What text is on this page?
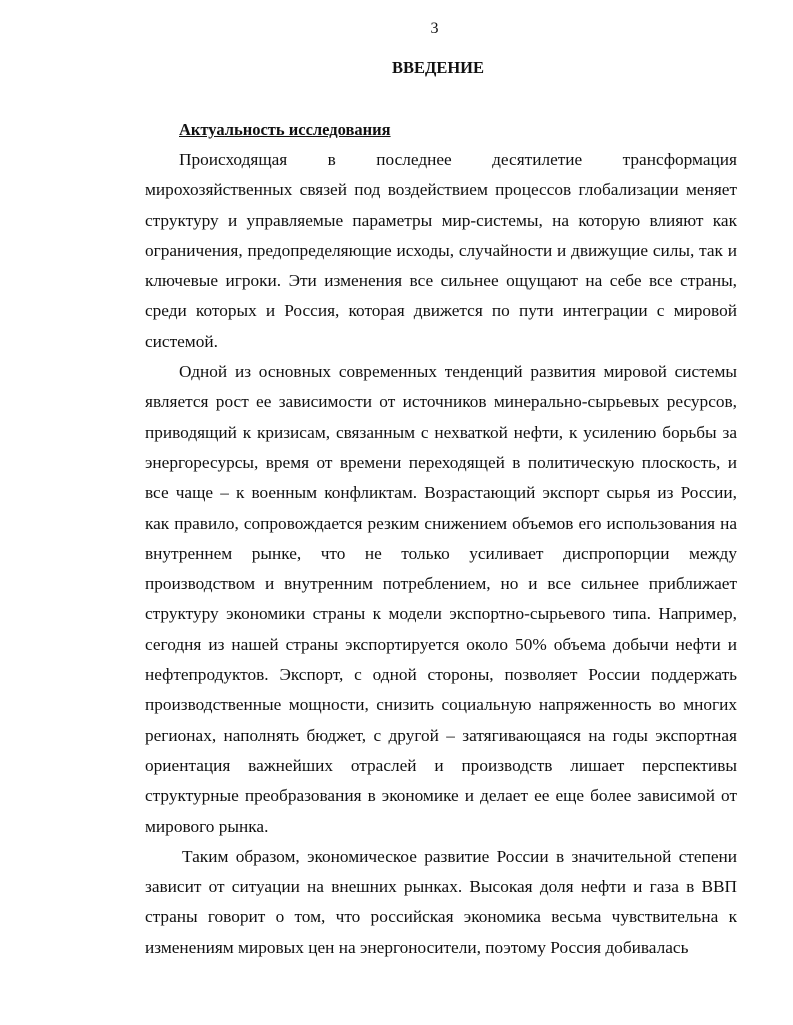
3
ВВЕДЕНИЕ
Актуальность исследования

Происходящая в последнее десятилетие трансформация мирохозяйственных связей под воздействием процессов глобализации меняет структуру и управляемые параметры мир-системы, на которую влияют как ограничения, предопределяющие исходы, случайности и движущие силы, так и ключевые игроки. Эти изменения все сильнее ощущают на себе все страны, среди которых и Россия, которая движется по пути интеграции с мировой системой.

Одной из основных современных тенденций развития мировой системы является рост ее зависимости от источников минерально-сырьевых ресурсов, приводящий к кризисам, связанным с нехваткой нефти, к усилению борьбы за энергоресурсы, время от времени переходящей в политическую плоскость, и все чаще – к военным конфликтам. Возрастающий экспорт сырья из России, как правило, сопровождается резким снижением объемов его использования на внутреннем рынке, что не только усиливает диспропорции между производством и внутренним потреблением, но и все сильнее приближает структуру экономики страны к модели экспортно-сырьевого типа. Например, сегодня из нашей страны экспортируется около 50% объема добычи нефти и нефтепродуктов. Экспорт, с одной стороны, позволяет России поддержать производственные мощности, снизить социальную напряженность во многих регионах, наполнять бюджет, с другой – затягивающаяся на годы экспортная ориентация важнейших отраслей и производств лишает перспективы структурные преобразования в экономике и делает ее еще более зависимой от мирового рынка.

Таким образом, экономическое развитие России в значительной степени зависит от ситуации на внешних рынках. Высокая доля нефти и газа в ВВП страны говорит о том, что российская экономика весьма чувствительна к изменениям мировых цен на энергоносители, поэтому Россия добивалась
